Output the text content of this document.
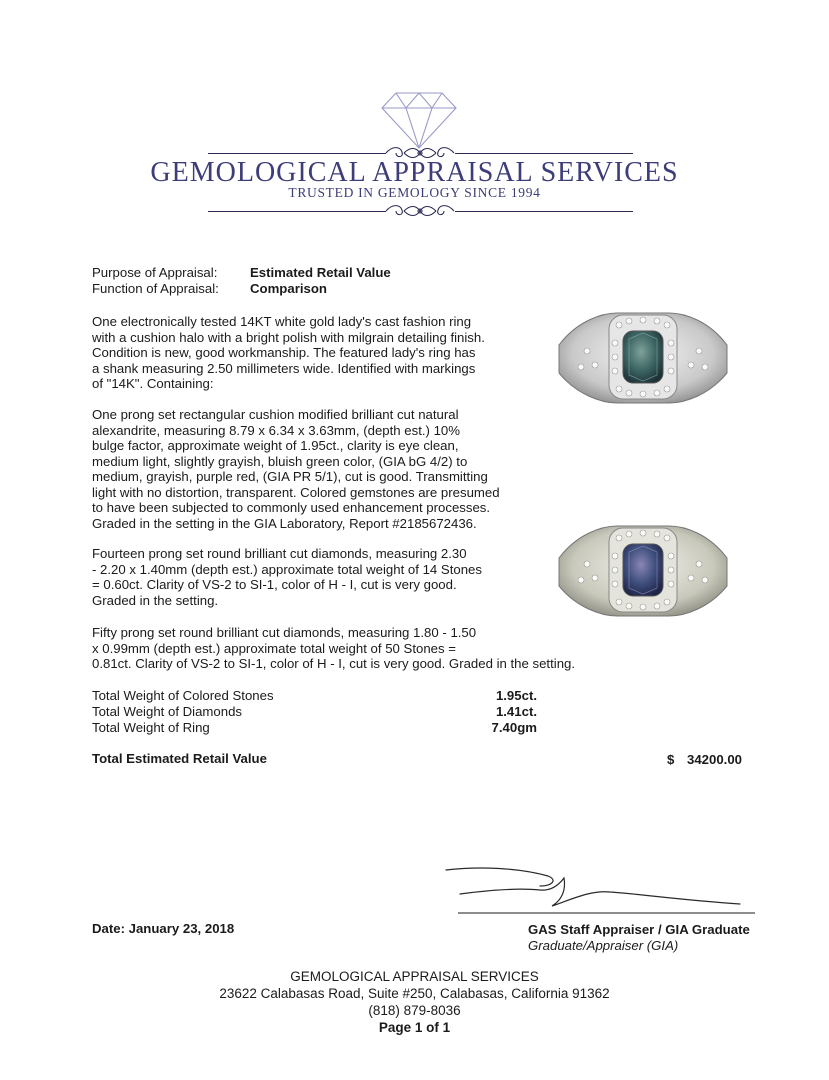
GEMOLOGICAL APPRAISAL SERVICES
TRUSTED IN GEMOLOGY SINCE 1994
Purpose of Appraisal: Estimated Retail Value
Function of Appraisal: Comparison
One electronically tested 14KT white gold lady's cast fashion ring
with a cushion halo with a bright polish with milgrain detailing finish.
Condition is new, good workmanship. The featured lady's ring has
a shank measuring 2.50 millimeters wide. Identified with markings
of "14K". Containing:
One prong set rectangular cushion modified brilliant cut natural
alexandrite, measuring 8.79 x 6.34 x 3.63mm, (depth est.) 10%
bulge factor, approximate weight of 1.95ct., clarity is eye clean,
medium light, slightly grayish, bluish green color, (GIA bG 4/2) to
medium, grayish, purple red, (GIA PR 5/1), cut is good. Transmitting
light with no distortion, transparent. Colored gemstones are presumed
to have been subjected to commonly used enhancement processes.
Graded in the setting in the GIA Laboratory, Report #2185672436.
Fourteen prong set round brilliant cut diamonds, measuring 2.30
- 2.20 x 1.40mm (depth est.) approximate total weight of 14 Stones
= 0.60ct. Clarity of VS-2 to SI-1, color of H - I, cut is very good.
Graded in the setting.
Fifty prong set round brilliant cut diamonds, measuring 1.80 - 1.50
x 0.99mm (depth est.) approximate total weight of 50 Stones =
0.81ct. Clarity of VS-2 to SI-1, color of H - I, cut is very good. Graded in the setting.
Total Weight of Colored Stones	1.95ct.
Total Weight of Diamonds	1.41ct.
Total Weight of Ring	7.40gm
Total Estimated Retail Value	$ 34200.00
Date: January 23, 2018	GAS Staff Appraiser / GIA Graduate
Graduate/Appraiser (GIA)
GEMOLOGICAL APPRAISAL SERVICES
23622 Calabasas Road, Suite #250, Calabasas, California 91362
(818) 879-8036
Page 1 of 1
